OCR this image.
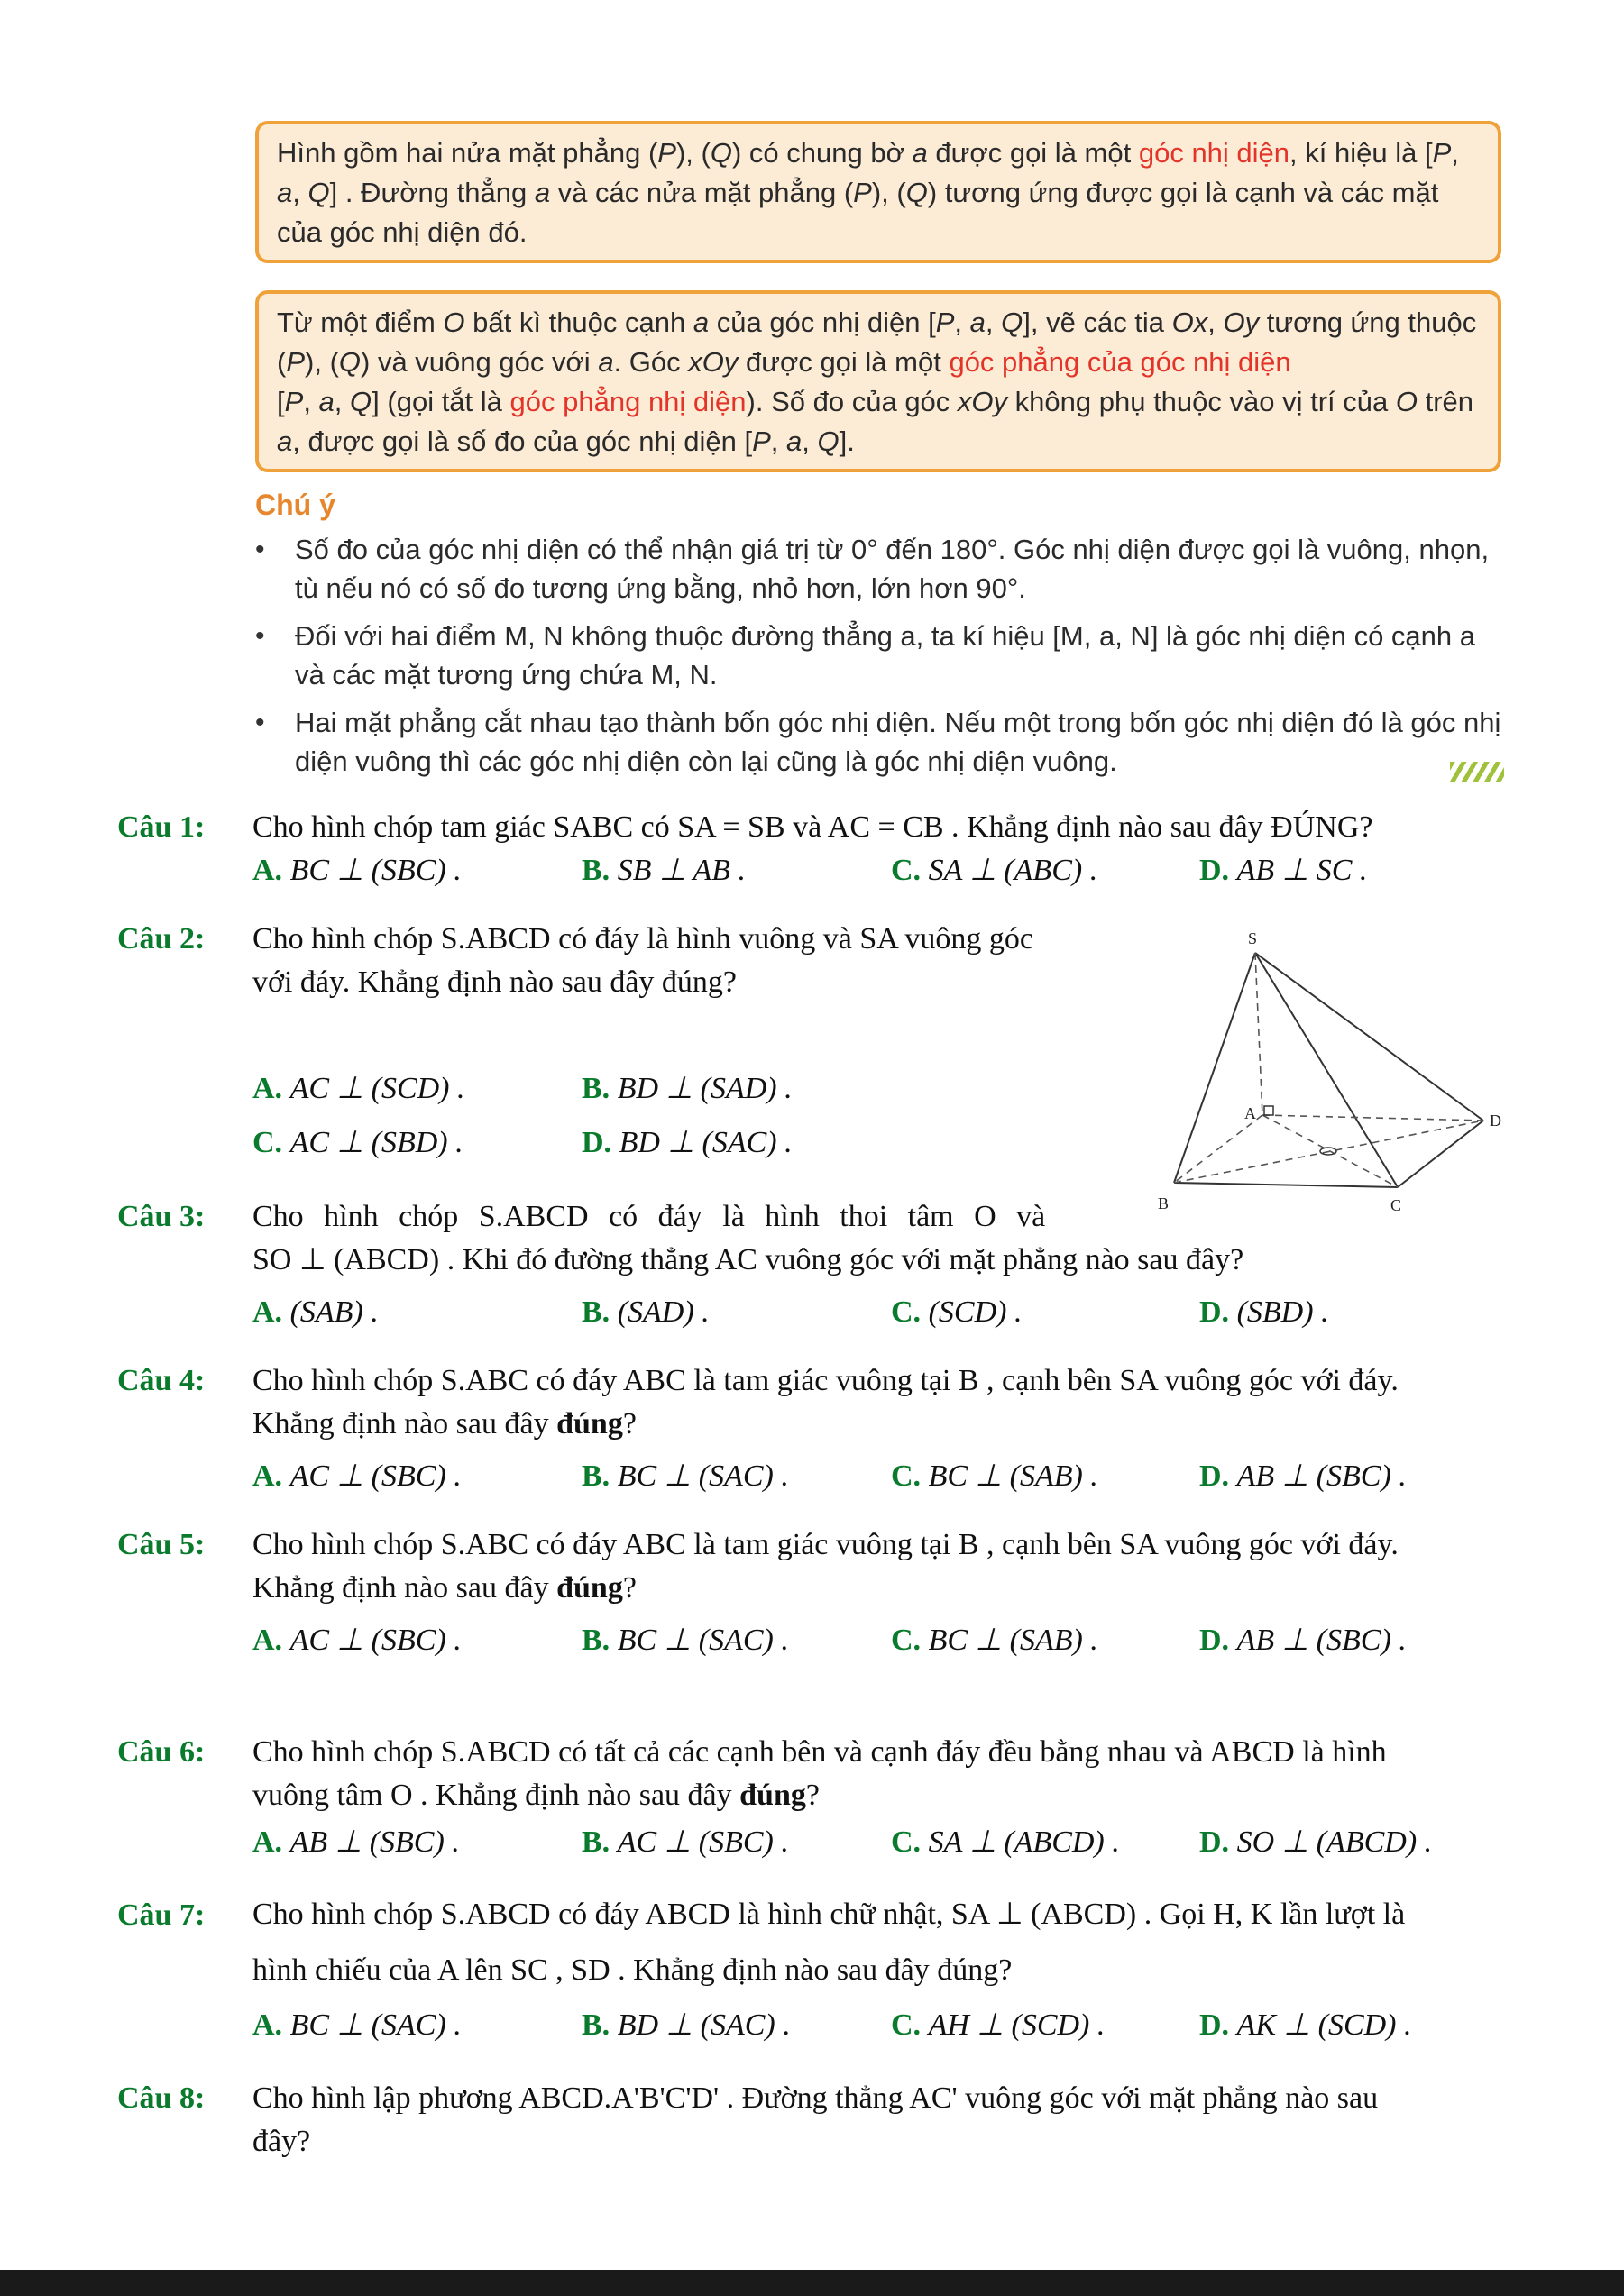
Hình gồm hai nửa mặt phẳng (P), (Q) có chung bờ a được gọi là một góc nhị diện, kí hiệu là [P, a, Q] . Đường thẳng a và các nửa mặt phẳng (P), (Q) tương ứng được gọi là cạnh và các mặt của góc nhị diện đó.
Từ một điểm O bất kì thuộc cạnh a của góc nhị diện [P, a, Q], vẽ các tia Ox, Oy tương ứng thuộc (P), (Q) và vuông góc với a. Góc xOy được gọi là một góc phẳng của góc nhị diện
[P, a, Q] (gọi tắt là góc phẳng nhị diện). Số đo của góc xOy không phụ thuộc vào vị trí của O trên a, được gọi là số đo của góc nhị diện [P, a, Q].
Chú ý
• Số đo của góc nhị diện có thể nhận giá trị từ 0° đến 180°. Góc nhị diện được gọi là vuông, nhọn, tù nếu nó có số đo tương ứng bằng, nhỏ hơn, lớn hơn 90°.
• Đối với hai điểm M, N không thuộc đường thẳng a, ta kí hiệu [M, a, N] là góc nhị diện có cạnh a và các mặt tương ứng chứa M, N.
• Hai mặt phẳng cắt nhau tạo thành bốn góc nhị diện. Nếu một trong bốn góc nhị diện đó là góc nhị diện vuông thì các góc nhị diện còn lại cũng là góc nhị diện vuông.
Câu 1: Cho hình chóp tam giác SABC có SA = SB và AC = CB . Khẳng định nào sau đây ĐÚNG?
A. BC ⊥ (SBC) .	B. SB ⊥ AB .	C. SA ⊥ (ABC) .	D. AB ⊥ SC .
Câu 2: Cho hình chóp S.ABCD có đáy là hình vuông và SA vuông góc
với đáy. Khẳng định nào sau đây đúng?
A. AC ⊥ (SCD) .	B. BD ⊥ (SAD) .
C. AC ⊥ (SBD) .	D. BD ⊥ (SAC) .
S
A
B	C
D
Câu 3: Cho hình chóp S.ABCD có đáy là hình thoi tâm O và
SO ⊥ (ABCD) . Khi đó đường thẳng AC vuông góc với mặt phẳng nào sau đây?
A. (SAB) .	B. (SAD) .	C. (SCD) .	D. (SBD) .
Câu 4: Cho hình chóp S.ABC có đáy ABC là tam giác vuông tại B , cạnh bên SA vuông góc với đáy.
Khẳng định nào sau đây đúng?
A. AC ⊥ (SBC) .	B. BC ⊥ (SAC) .	C. BC ⊥ (SAB) .	D. AB ⊥ (SBC) .
Câu 5: Cho hình chóp S.ABC có đáy ABC là tam giác vuông tại B , cạnh bên SA vuông góc với đáy.
Khẳng định nào sau đây đúng?
A. AC ⊥ (SBC) .	B. BC ⊥ (SAC) .	C. BC ⊥ (SAB) .	D. AB ⊥ (SBC) .
Câu 6: Cho hình chóp S.ABCD có tất cả các cạnh bên và cạnh đáy đều bằng nhau và ABCD là hình
vuông tâm O . Khẳng định nào sau đây đúng?
A. AB ⊥ (SBC) .	B. AC ⊥ (SBC) .	C. SA ⊥ (ABCD) .	D. SO ⊥ (ABCD) .
Câu 7: Cho hình chóp S.ABCD có đáy ABCD là hình chữ nhật, SA ⊥ (ABCD) . Gọi H, K lần lượt là
hình chiếu của A lên SC , SD . Khẳng định nào sau đây đúng?
A. BC ⊥ (SAC) .	B. BD ⊥ (SAC) .	C. AH ⊥ (SCD) .	D. AK ⊥ (SCD) .
Câu 8: Cho hình lập phương ABCD.A'B'C'D' . Đường thẳng AC' vuông góc với mặt phẳng nào sau
đây?
